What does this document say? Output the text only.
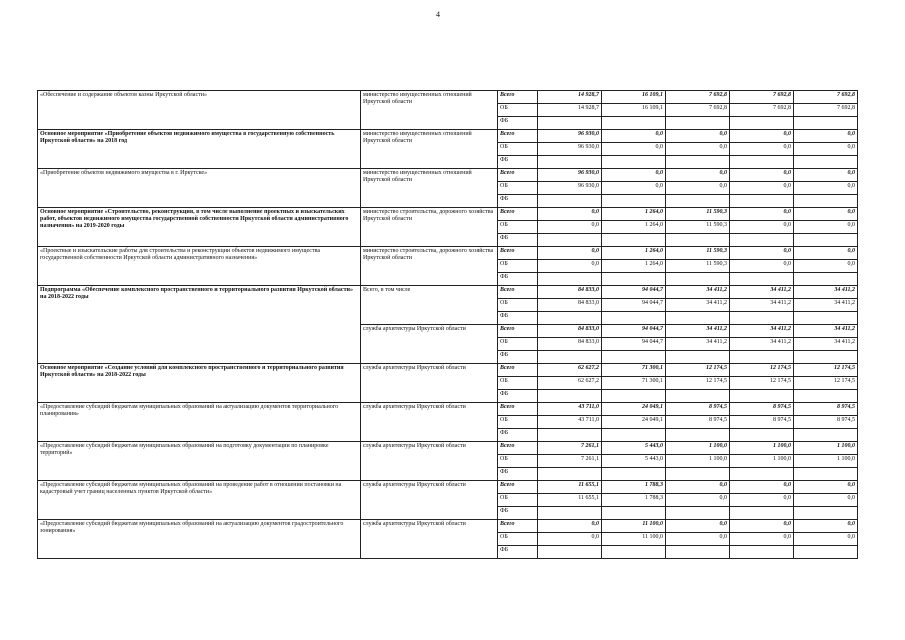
4
«Обеспечение и содержание объектов казны Иркутской области»	министерство имущественных отношений Иркутской области	Всего	14 928,7	16 109,1	7 692,8	7 692,8	7 692,8
		ОБ	14 928,7	16 109,1	7 692,8	7 692,8	7 692,8
		ФБ					
Основное мероприятие «Приобретение объектов недвижимого имущества в государственную собственность Иркутской области» на 2018 год	министерство имущественных отношений Иркутской области	Всего	96 930,0	0,0	0,0	0,0	0,0
		ОБ	96 930,0	0,0	0,0	0,0	0,0
		ФБ					
«Приобретение объектов недвижимого имущества в г. Иркутске»	министерство имущественных отношений Иркутской области	Всего	96 930,0	0,0	0,0	0,0	0,0
		ОБ	96 930,0	0,0	0,0	0,0	0,0
		ФБ					
Основное мероприятие «Строительство, реконструкция, в том числе выполнение проектных и изыскательских работ, объектов недвижимого имущества государственной собственности Иркутской области административного назначения» на 2019-2020 годы	министерство строительства, дорожного хозяйства Иркутской области	Всего	0,0	1 264,0	11 590,3	0,0	0,0
		ОБ	0,0	1 264,0	11 590,3	0,0	0,0
		ФБ					
«Проектные и изыскательские работы для строительства и реконструкции объектов недвижимого имущества государственной собственности Иркутской области административного назначения»	министерство строительства, дорожного хозяйства Иркутской области	Всего	0,0	1 264,0	11 590,3	0,0	0,0
		ОБ	0,0	1 264,0	11 590,3	0,0	0,0
		ФБ					
Подпрограмма «Обеспечение комплексного пространственного и территориального развития Иркутской области» на 2018-2022 годы	Всего, в том числе	Всего	84 833,0	94 044,7	34 411,2	34 411,2	34 411,2
		ОБ	84 833,0	94 044,7	34 411,2	34 411,2	34 411,2
		ФБ					
	служба архитектуры Иркутской области	Всего	84 833,0	94 044,7	34 411,2	34 411,2	34 411,2
		ОБ	84 833,0	94 044,7	34 411,2	34 411,2	34 411,2
		ФБ					
Основное мероприятие «Создание условий для комплексного пространственного и территориального развития Иркутской области» на 2018-2022 годы	служба архитектуры Иркутской области	Всего	62 627,2	71 300,1	12 174,5	12 174,5	12 174,5
		ОБ	62 627,2	71 300,1	12 174,5	12 174,5	12 174,5
		ФБ					
«Предоставление субсидий бюджетам муниципальных образований на актуализацию документов территориального планирования»	служба архитектуры Иркутской области	Всего	43 711,0	24 049,1	8 974,5	8 974,5	8 974,5
		ОБ	43 711,0	24 049,1	8 974,5	8 974,5	8 974,5
		ФБ					
«Предоставление субсидий бюджетам муниципальных образований на подготовку документации по планировке территорий»	служба архитектуры Иркутской области	Всего	7 261,1	5 443,0	1 100,0	1 100,0	1 100,0
		ОБ	7 261,1	5 443,0	1 100,0	1 100,0	1 100,0
		ФБ					
«Предоставление субсидий бюджетам муниципальных образований на проведение работ в отношении постановки на кадастровый учет границ населенных пунктов Иркутской области»	служба архитектуры Иркутской области	Всего	11 655,1	1 788,3	0,0	0,0	0,0
		ОБ	11 655,1	1 788,3	0,0	0,0	0,0
		ФБ					
«Предоставление субсидий бюджетам муниципальных образований на актуализацию документов градостроительного зонирования»	служба архитектуры Иркутской области	Всего	0,0	11 100,0	0,0	0,0	0,0
		ОБ	0,0	11 100,0	0,0	0,0	0,0
		ФБ					
